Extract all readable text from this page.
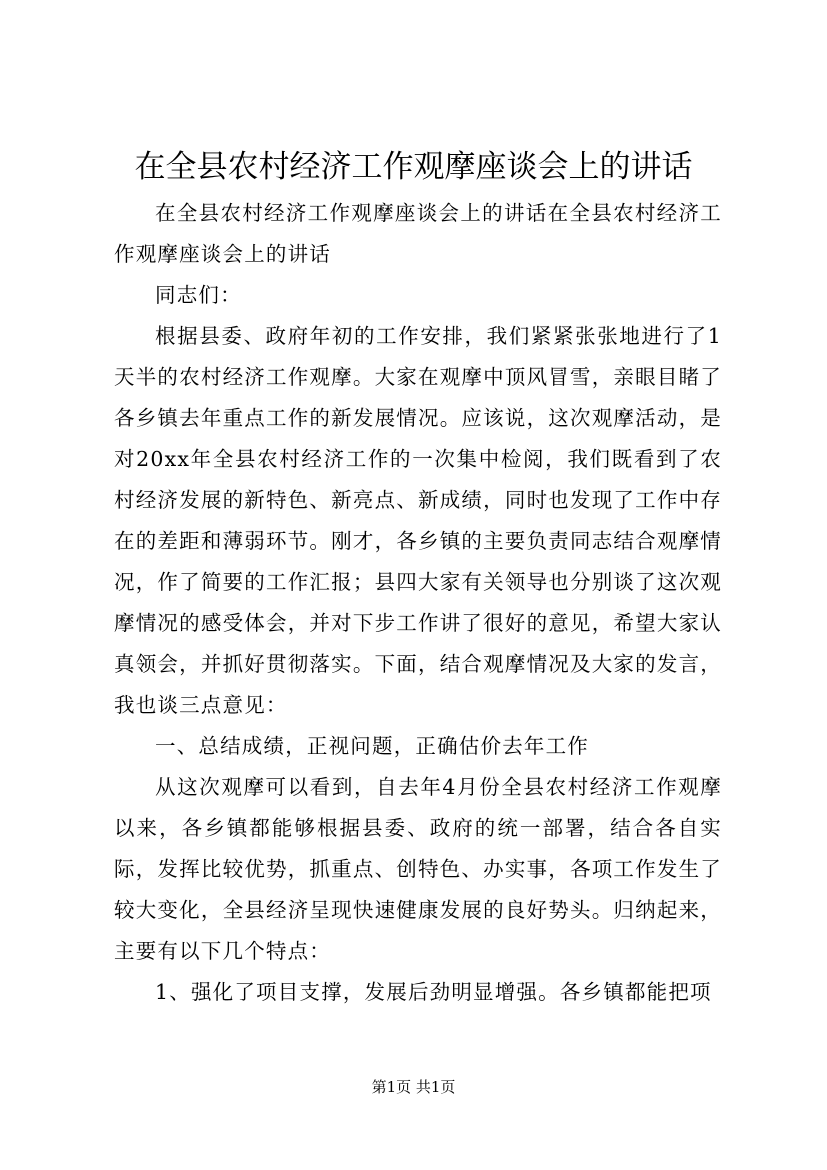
在全县农村经济工作观摩座谈会上的讲话

在全县农村经济工作观摩座谈会上的讲话在全县农村经济工作观摩座谈会上的讲话

同志们：

根据县委、政府年初的工作安排，我们紧紧张张地进行了1天半的农村经济工作观摩。大家在观摩中顶风冒雪，亲眼目睹了各乡镇去年重点工作的新发展情况。应该说，这次观摩活动，是对20xx年全县农村经济工作的一次集中检阅，我们既看到了农村经济发展的新特色、新亮点、新成绩，同时也发现了工作中存在的差距和薄弱环节。刚才，各乡镇的主要负责同志结合观摩情况，作了简要的工作汇报；县四大家有关领导也分别谈了这次观摩情况的感受体会，并对下步工作讲了很好的意见，希望大家认真领会，并抓好贯彻落实。下面，结合观摩情况及大家的发言，我也谈三点意见：

一、总结成绩，正视问题，正确估价去年工作

从这次观摩可以看到，自去年4月份全县农村经济工作观摩以来，各乡镇都能够根据县委、政府的统一部署，结合各自实际，发挥比较优势，抓重点、创特色、办实事，各项工作发生了较大变化，全县经济呈现快速健康发展的良好势头。归纳起来，主要有以下几个特点：

1、强化了项目支撑，发展后劲明显增强。各乡镇都能把项

第1页 共1页
